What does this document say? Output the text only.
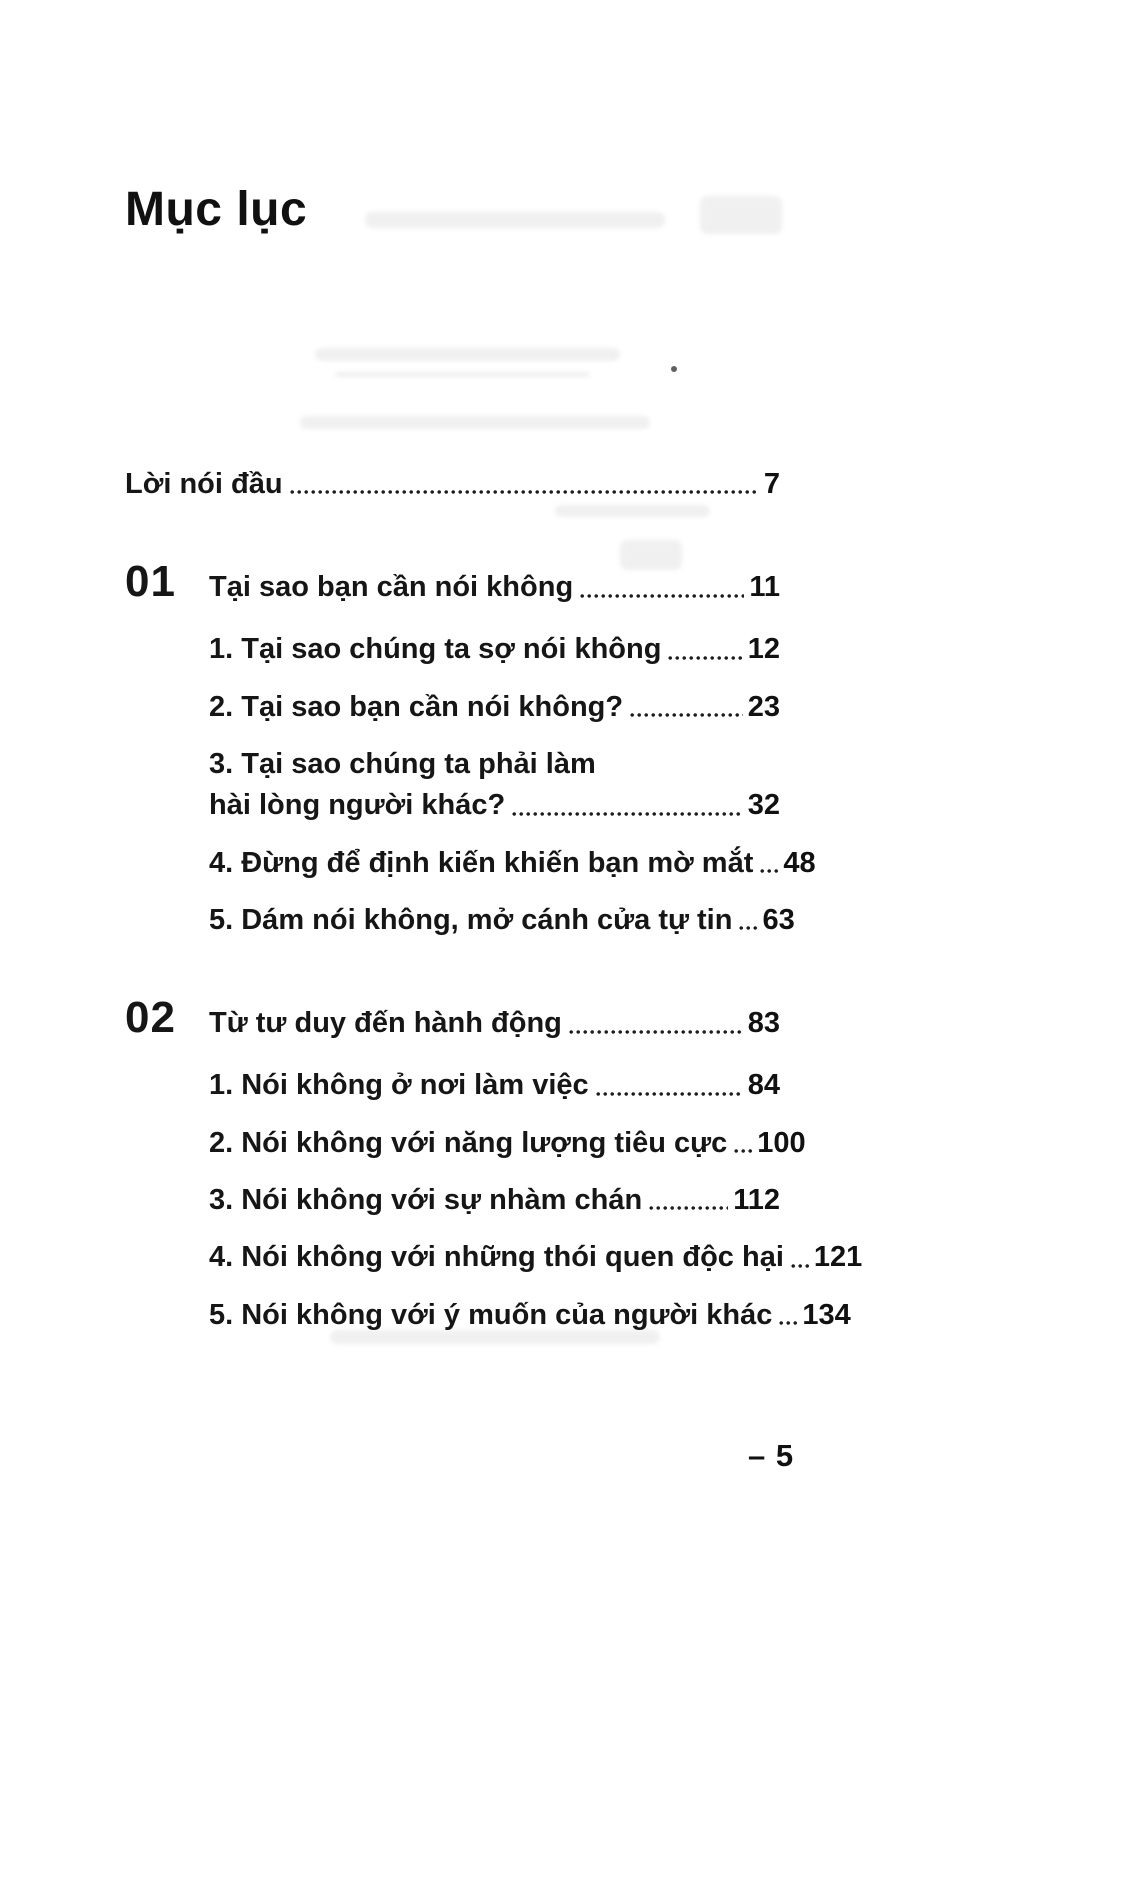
Mục lục
Lời nói đầu	7
01	Tại sao bạn cần nói không	11
1. Tại sao chúng ta sợ nói không	12
2. Tại sao bạn cần nói không?	23
3. Tại sao chúng ta phải làm
hài lòng người khác?	32
4. Đừng để định kiến khiến bạn mờ mắt 48
5. Dám nói không, mở cánh cửa tự tin 63
02	Từ tư duy đến hành động	83
1. Nói không ở nơi làm việc	84
2. Nói không với năng lượng tiêu cực 100
3. Nói không với sự nhàm chán	112
4. Nói không với những thói quen độc hại 121
5. Nói không với ý muốn của người khác 134
– 5
